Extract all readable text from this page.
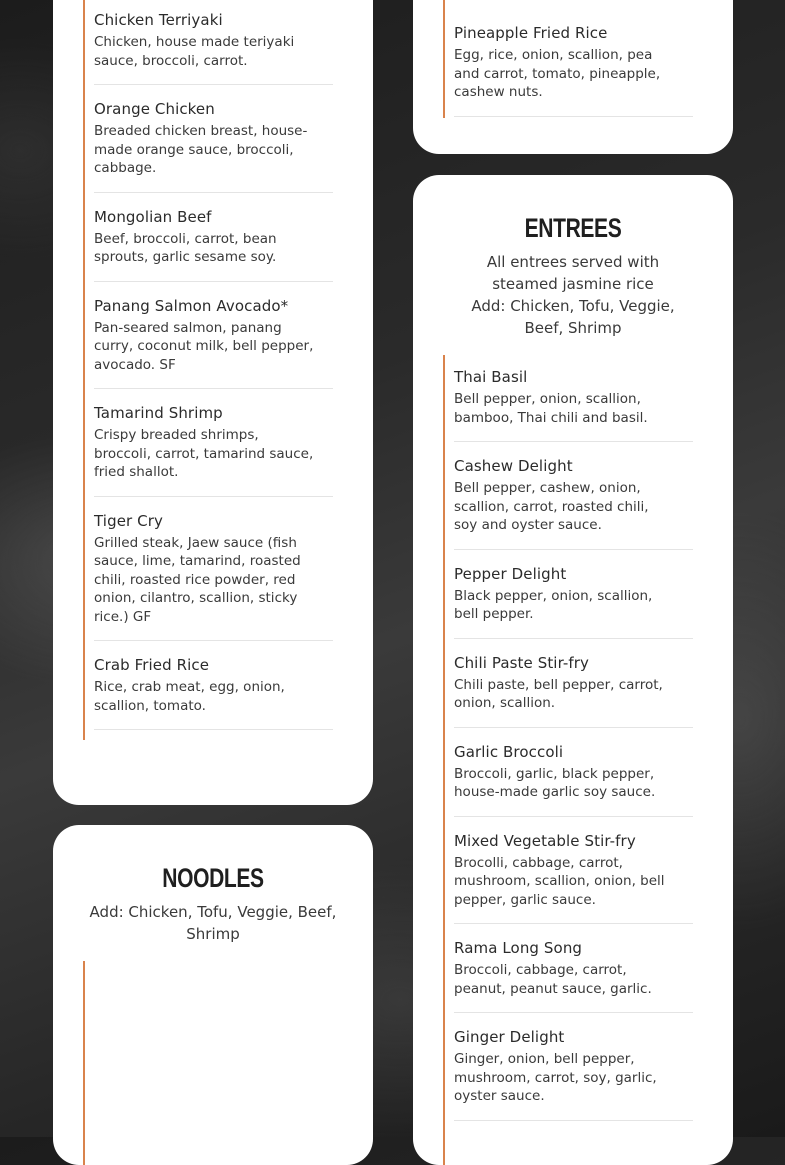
Chicken Terriyaki
Chicken, house made teriyaki sauce, broccoli, carrot.
Orange Chicken
Breaded chicken breast, house-made orange sauce, broccoli, cabbage.
Mongolian Beef
Beef, broccoli, carrot, bean sprouts, garlic sesame soy.
Panang Salmon Avocado*
Pan-seared salmon, panang curry, coconut milk, bell pepper, avocado. SF
Tamarind Shrimp
Crispy breaded shrimps, broccoli, carrot, tamarind sauce, fried shallot.
Tiger Cry
Grilled steak, Jaew sauce (fish sauce, lime, tamarind, roasted chili, roasted rice powder, red onion, cilantro, scallion, sticky rice.) GF
Crab Fried Rice
Rice, crab meat, egg, onion, scallion, tomato.
Pineapple Fried Rice
Egg, rice, onion, scallion, pea and carrot, tomato, pineapple, cashew nuts.
NOODLES
Add: Chicken, Tofu, Veggie, Beef, Shrimp
ENTREES
All entrees served with steamed jasmine rice
Add: Chicken, Tofu, Veggie, Beef, Shrimp
Thai Basil
Bell pepper, onion, scallion, bamboo, Thai chili and basil.
Cashew Delight
Bell pepper, cashew, onion, scallion, carrot, roasted chili, soy and oyster sauce.
Pepper Delight
Black pepper, onion, scallion, bell pepper.
Chili Paste Stir-fry
Chili paste, bell pepper, carrot, onion, scallion.
Garlic Broccoli
Broccoli, garlic, black pepper, house-made garlic soy sauce.
Mixed Vegetable Stir-fry
Brocolli, cabbage, carrot, mushroom, scallion, onion, bell pepper, garlic sauce.
Rama Long Song
Broccoli, cabbage, carrot, peanut, peanut sauce, garlic.
Ginger Delight
Ginger, onion, bell pepper, mushroom, carrot, soy, garlic, oyster sauce.
